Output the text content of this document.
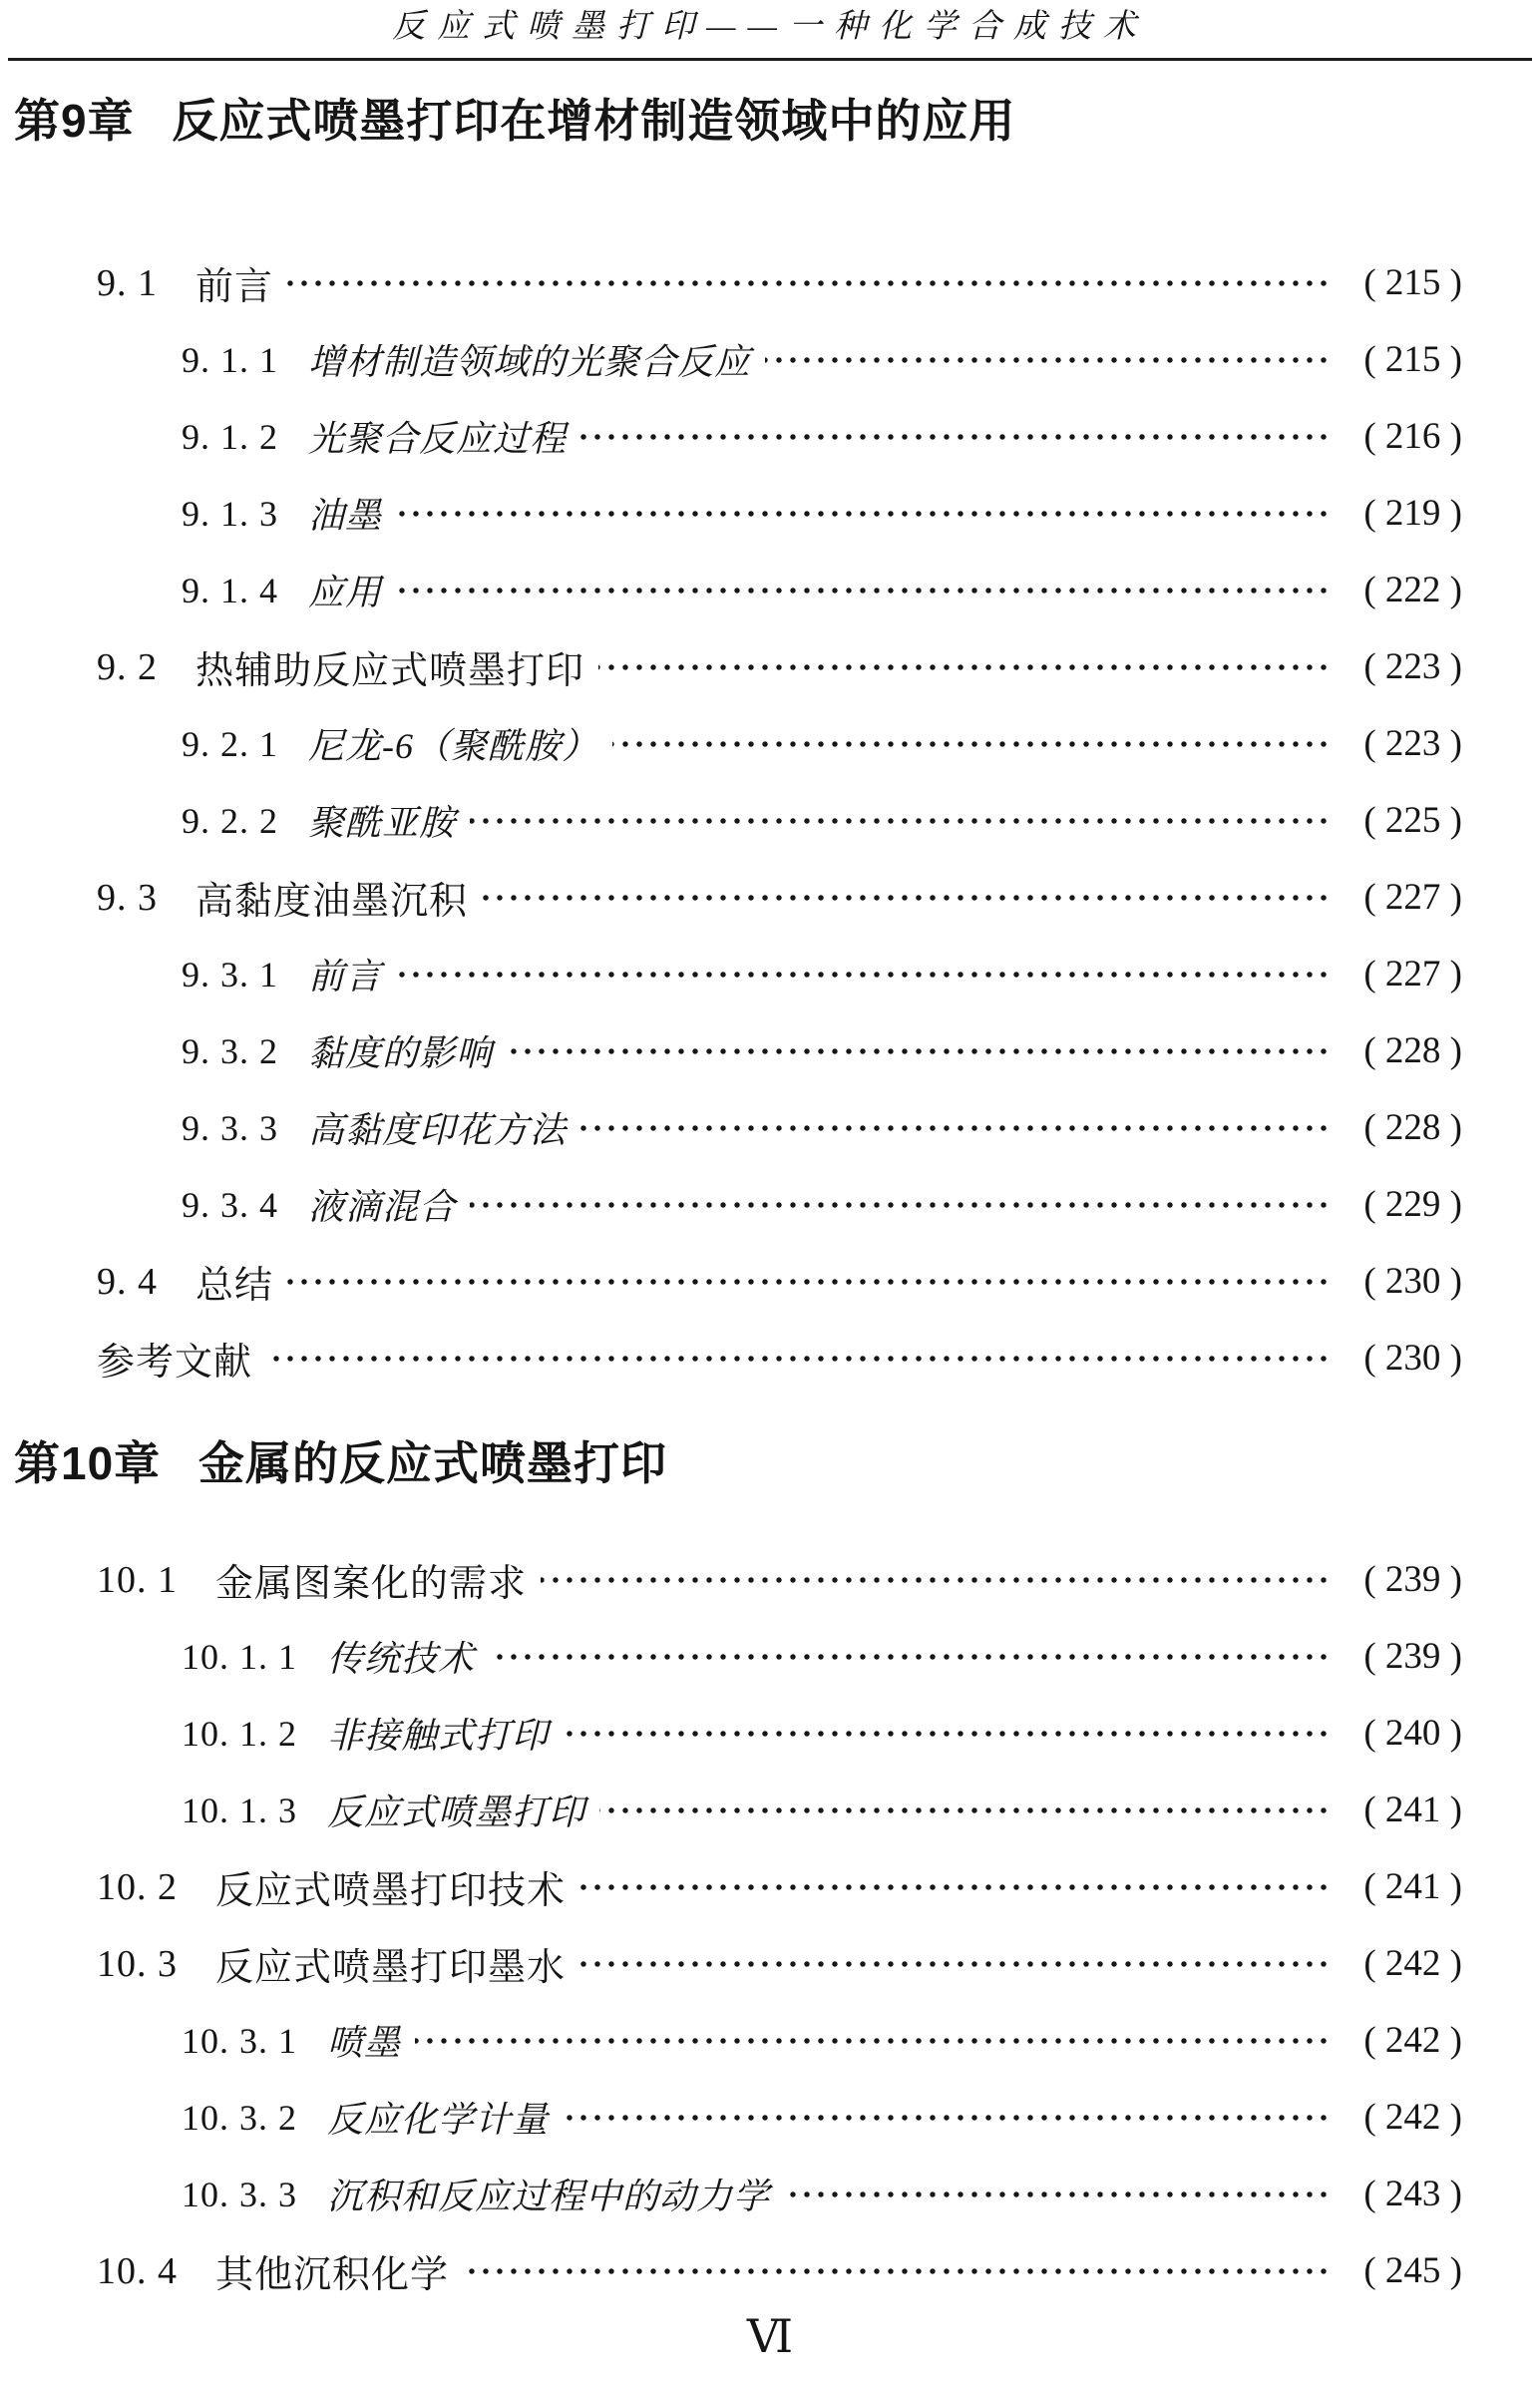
反应式喷墨打印——一种化学合成技术
第9章 反应式喷墨打印在增材制造领域中的应用
9. 1 前言	( 215 )
9. 1. 1 增材制造领域的光聚合反应	( 215 )
9. 1. 2 光聚合反应过程	( 216 )
9. 1. 3 油墨	( 219 )
9. 1. 4 应用	( 222 )
9. 2 热辅助反应式喷墨打印	( 223 )
9. 2. 1 尼龙-6（聚酰胺）	( 223 )
9. 2. 2 聚酰亚胺	( 225 )
9. 3 高黏度油墨沉积	( 227 )
9. 3. 1 前言	( 227 )
9. 3. 2 黏度的影响	( 228 )
9. 3. 3 高黏度印花方法	( 228 )
9. 3. 4 液滴混合	( 229 )
9. 4 总结	( 230 )
参考文献	( 230 )
第10章 金属的反应式喷墨打印
10. 1 金属图案化的需求	( 239 )
10. 1. 1 传统技术	( 239 )
10. 1. 2 非接触式打印	( 240 )
10. 1. 3 反应式喷墨打印	( 241 )
10. 2 反应式喷墨打印技术	( 241 )
10. 3 反应式喷墨打印墨水	( 242 )
10. 3. 1 喷墨	( 242 )
10. 3. 2 反应化学计量	( 242 )
10. 3. 3 沉积和反应过程中的动力学	( 243 )
10. 4 其他沉积化学	( 245 )
Ⅵ
